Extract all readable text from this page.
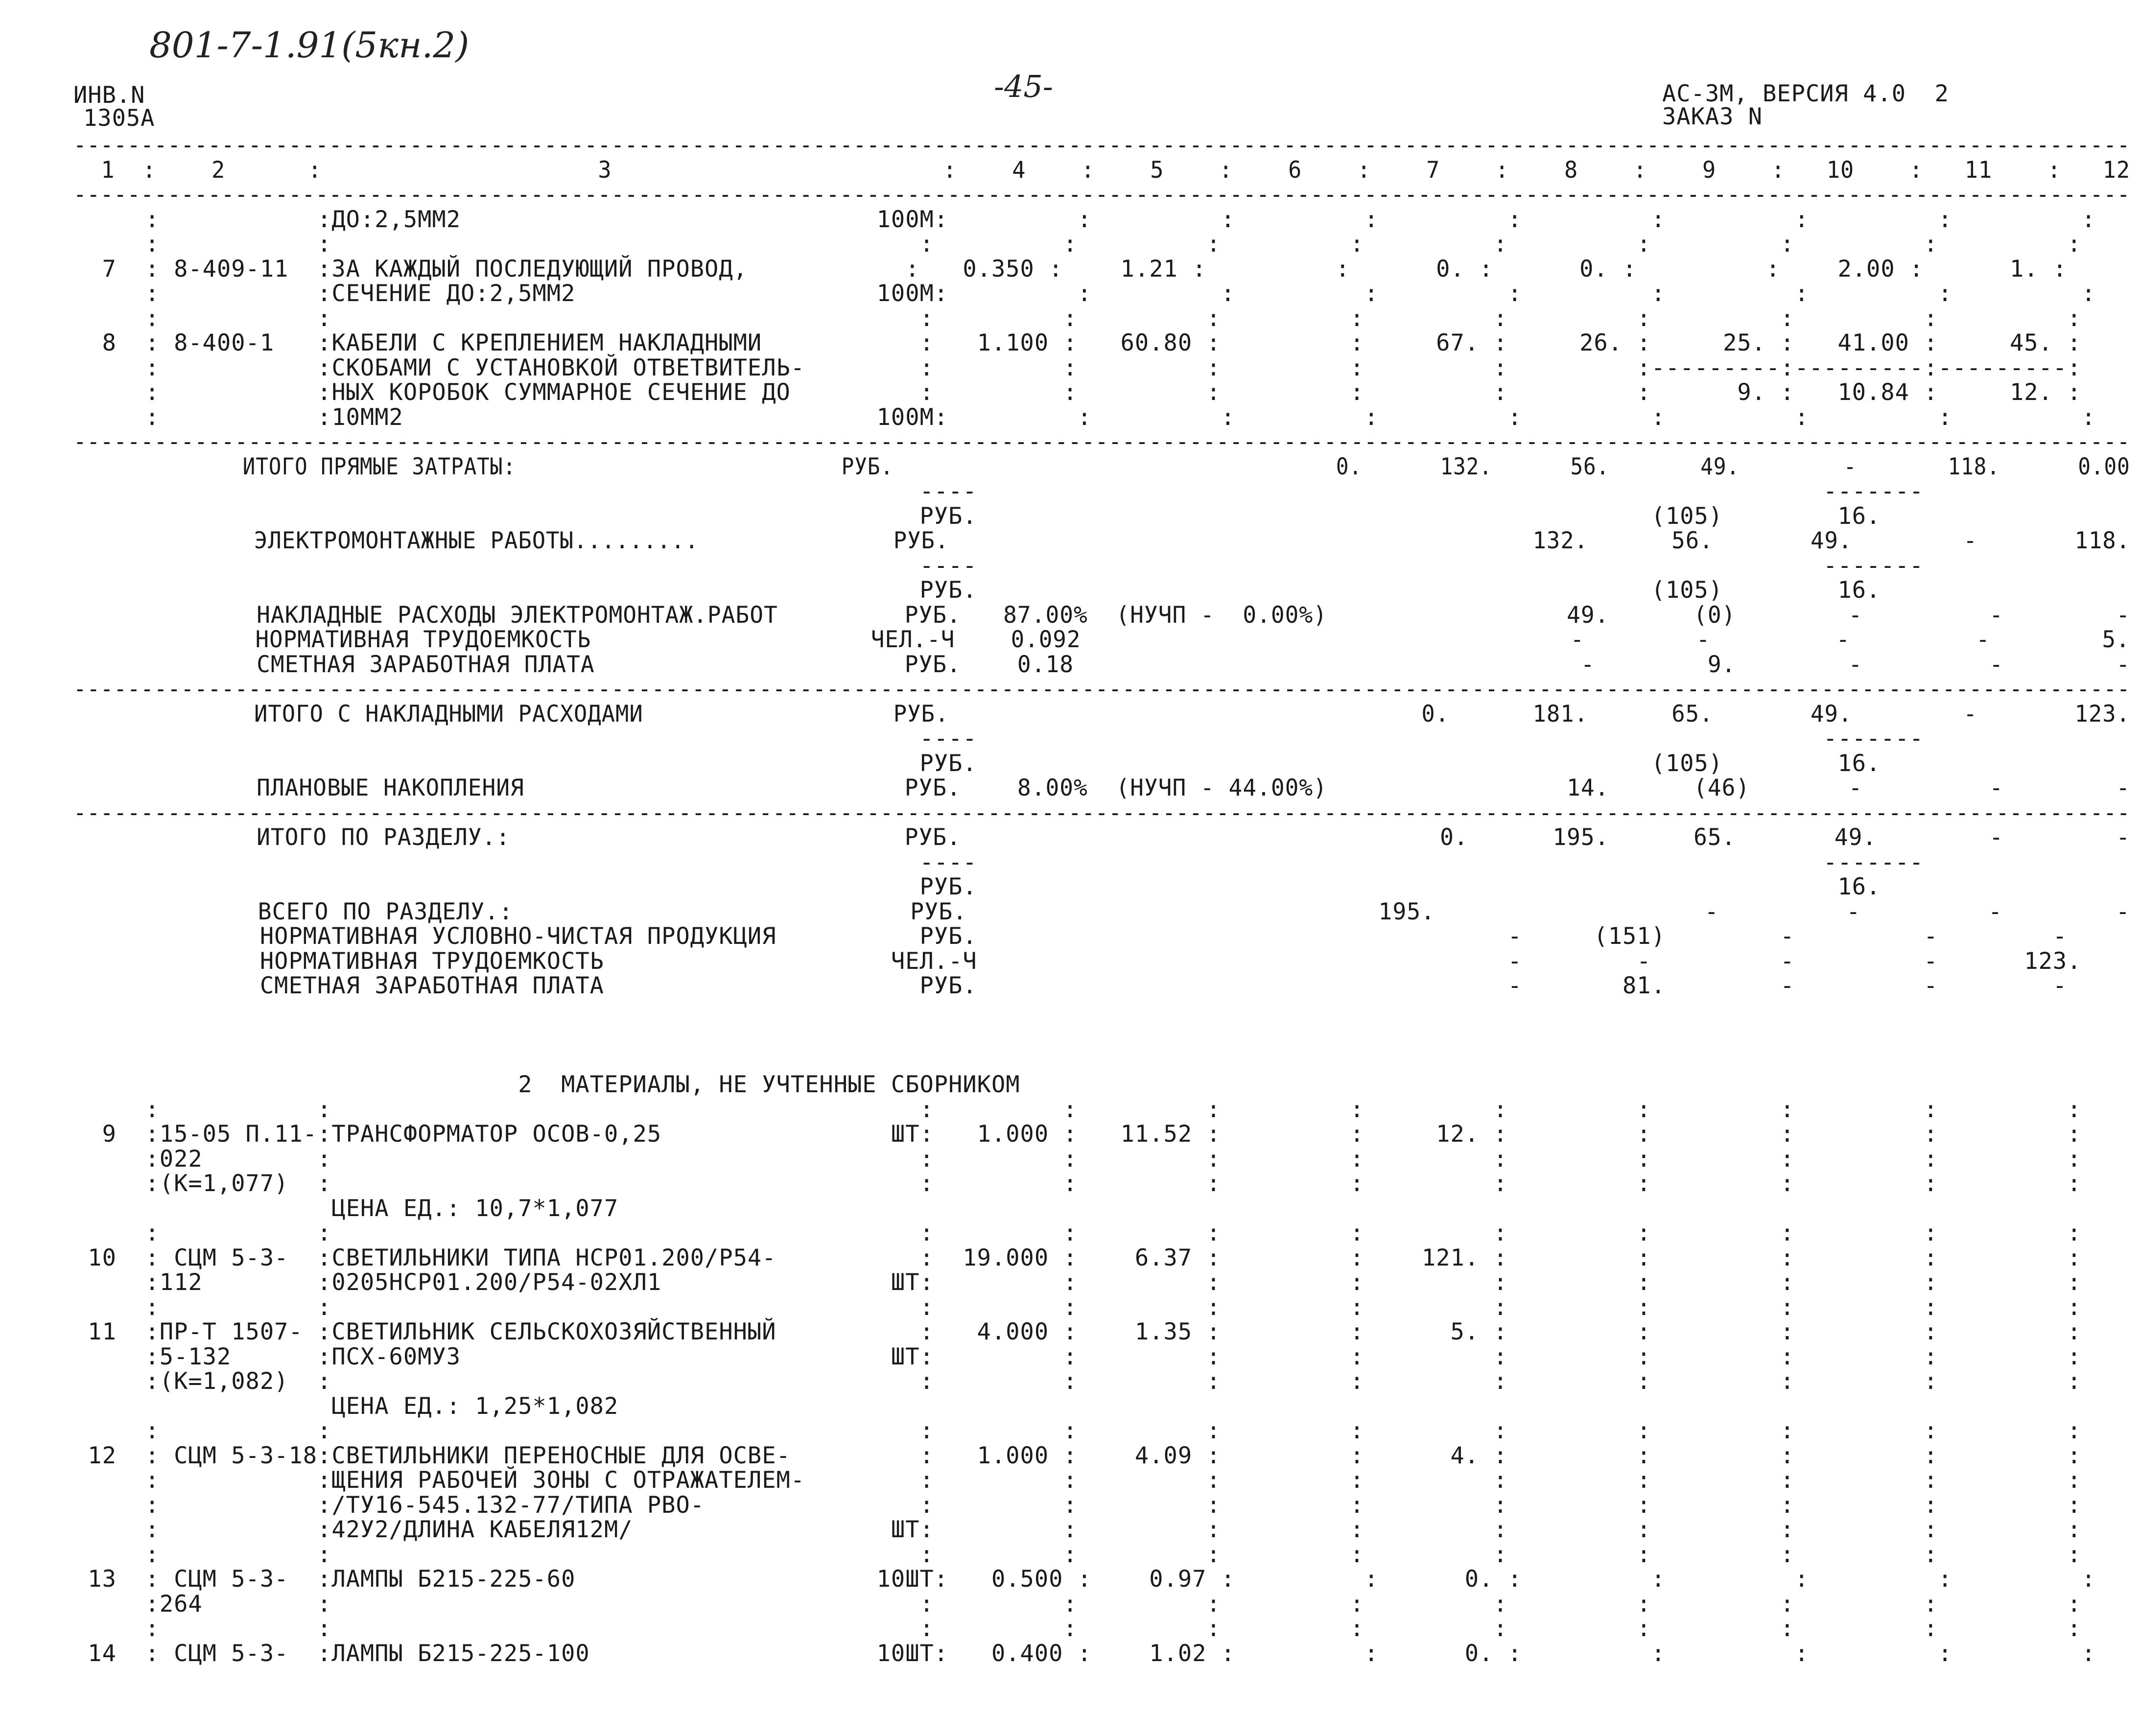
801-7-1.91(5кн.2)
ИНВ.N
1305А
-45-	АС-3М, ВЕРСИЯ 4.0  2
ЗАКАЗ N
---------------------------------------------------------------------------------------------------------------------------------------------------------
1  :    2      :                    3                        :    4    :    5    :    6    :    7    :    8    :    9    :   10    :   11    :   12
---------------------------------------------------------------------------------------------------------------------------------------------------------
:           :ДО:2,5ММ2                             100М:         :         :         :         :         :         :         :         :
:           :                                         :         :         :         :         :         :         :         :         :
7  : 8-409-11  :ЗА КАЖДЫЙ ПОСЛЕДУЮЩИЙ ПРОВОД,           :   0.350 :    1.21 :         :      0. :      0. :         :    2.00 :      1. :
:           :СЕЧЕНИЕ ДО:2,5ММ2                     100М:         :         :         :         :         :         :         :         :
:           :                                         :         :         :         :         :         :         :         :         :
8  : 8-400-1   :КАБЕЛИ С КРЕПЛЕНИЕМ НАКЛАДНЫМИ           :   1.100 :   60.80 :         :     67. :     26. :     25. :   41.00 :     45. :
:           :СКОБАМИ С УСТАНОВКОЙ ОТВЕТВИТЕЛЬ-        :         :         :         :         :         :---------:---------:---------:
:           :НЫХ КОРОБОК СУММАРНОЕ СЕЧЕНИЕ ДО         :         :         :         :         :         :      9. :   10.84 :     12. :
:           :10ММ2                                 100М:         :         :         :         :         :         :         :         :
---------------------------------------------------------------------------------------------------------------------------------------------------------
ИТОГО ПРЯМЫЕ ЗАТРАТЫ:                         РУБ.                                  0.      132.      56.       49.        -       118.      0.00
----                                                           -------
РУБ.                                               (105)        16.
ЭЛЕКТРОМОНТАЖНЫЕ РАБОТЫ.........              РУБ.                                          132.      56.       49.        -       118.
----                                                           -------
РУБ.                                               (105)        16.
НАКЛАДНЫЕ РАСХОДЫ ЭЛЕКТРОМОНТАЖ.РАБОТ         РУБ.   87.00%  (НУЧП -  0.00%)                 49.      (0)        -         -        -
НОРМАТИВНАЯ ТРУДОЕМКОСТЬ                    ЧЕЛ.-Ч    0.092                                   -        -         -         -        5.
СМЕТНАЯ ЗАРАБОТНАЯ ПЛАТА                      РУБ.    0.18                                    -        9.        -         -        -
---------------------------------------------------------------------------------------------------------------------------------------------------------
ИТОГО С НАКЛАДНЫМИ РАСХОДАМИ                  РУБ.                                  0.      181.      65.       49.        -       123.
----                                                           -------
РУБ.                                               (105)        16.
ПЛАНОВЫЕ НАКОПЛЕНИЯ                           РУБ.    8.00%  (НУЧП - 44.00%)                 14.      (46)       -         -        -
---------------------------------------------------------------------------------------------------------------------------------------------------------
ИТОГО ПО РАЗДЕЛУ.:                            РУБ.                                  0.      195.      65.       49.        -        -
----                                                           -------
РУБ.                                                            16.
ВСЕГО ПО РАЗДЕЛУ.:                            РУБ.                             195.                   -         -         -        -
НОРМАТИВНАЯ УСЛОВНО-ЧИСТАЯ ПРОДУКЦИЯ          РУБ.                                     -     (151)        -         -        -
НОРМАТИВНАЯ ТРУДОЕМКОСТЬ                    ЧЕЛ.-Ч                                     -        -         -         -      123.
СМЕТНАЯ ЗАРАБОТНАЯ ПЛАТА                      РУБ.                                     -       81.        -         -        -
2  МАТЕРИАЛЫ, НЕ УЧТЕННЫЕ СБОРНИКОМ
:           :                                         :         :         :         :         :         :         :         :         :
9  :15-05 П.11-:ТРАНСФОРМАТОР ОСОВ-0,25                ШТ:   1.000 :   11.52 :         :     12. :         :         :         :         :
:022        :                                         :         :         :         :         :         :         :         :         :
:(К=1,077)  :                                         :         :         :         :         :         :         :         :         :
ЦЕНА ЕД.: 10,7*1,077
:           :                                         :         :         :         :         :         :         :         :         :
10  : СЦМ 5-3-  :СВЕТИЛЬНИКИ ТИПА НСР01.200/Р54-          :  19.000 :    6.37 :         :    121. :         :         :         :         :
:112        :0205НСР01.200/Р54-02ХЛ1                ШТ:         :         :         :         :         :         :         :         :
:           :                                         :         :         :         :         :         :         :         :         :
11  :ПР-Т 1507- :СВЕТИЛЬНИК СЕЛЬСКОХОЗЯЙСТВЕННЫЙ          :   4.000 :    1.35 :         :      5. :         :         :         :         :
:5-132      :ПСХ-60МУЗ                              ШТ:         :         :         :         :         :         :         :         :
:(К=1,082)  :                                         :         :         :         :         :         :         :         :         :
ЦЕНА ЕД.: 1,25*1,082
:           :                                         :         :         :         :         :         :         :         :         :
12  : СЦМ 5-3-18:СВЕТИЛЬНИКИ ПЕРЕНОСНЫЕ ДЛЯ ОСВЕ-         :   1.000 :    4.09 :         :      4. :         :         :         :         :
:           :ЩЕНИЯ РАБОЧЕЙ ЗОНЫ С ОТРАЖАТЕЛЕМ-        :         :         :         :         :         :         :         :         :
:           :/ТУ16-545.132-77/ТИПА РВО-               :         :         :         :         :         :         :         :         :
:           :42У2/ДЛИНА КАБЕЛЯ12М/                  ШТ:         :         :         :         :         :         :         :         :
:           :                                         :         :         :         :         :         :         :         :         :
13  : СЦМ 5-3-  :ЛАМПЫ Б215-225-60                     10ШТ:   0.500 :    0.97 :         :      0. :         :         :         :         :
:264        :                                         :         :         :         :         :         :         :         :         :
:           :                                         :         :         :         :         :         :         :         :         :
14  : СЦМ 5-3-  :ЛАМПЫ Б215-225-100                    10ШТ:   0.400 :    1.02 :         :      0. :         :         :         :         :
